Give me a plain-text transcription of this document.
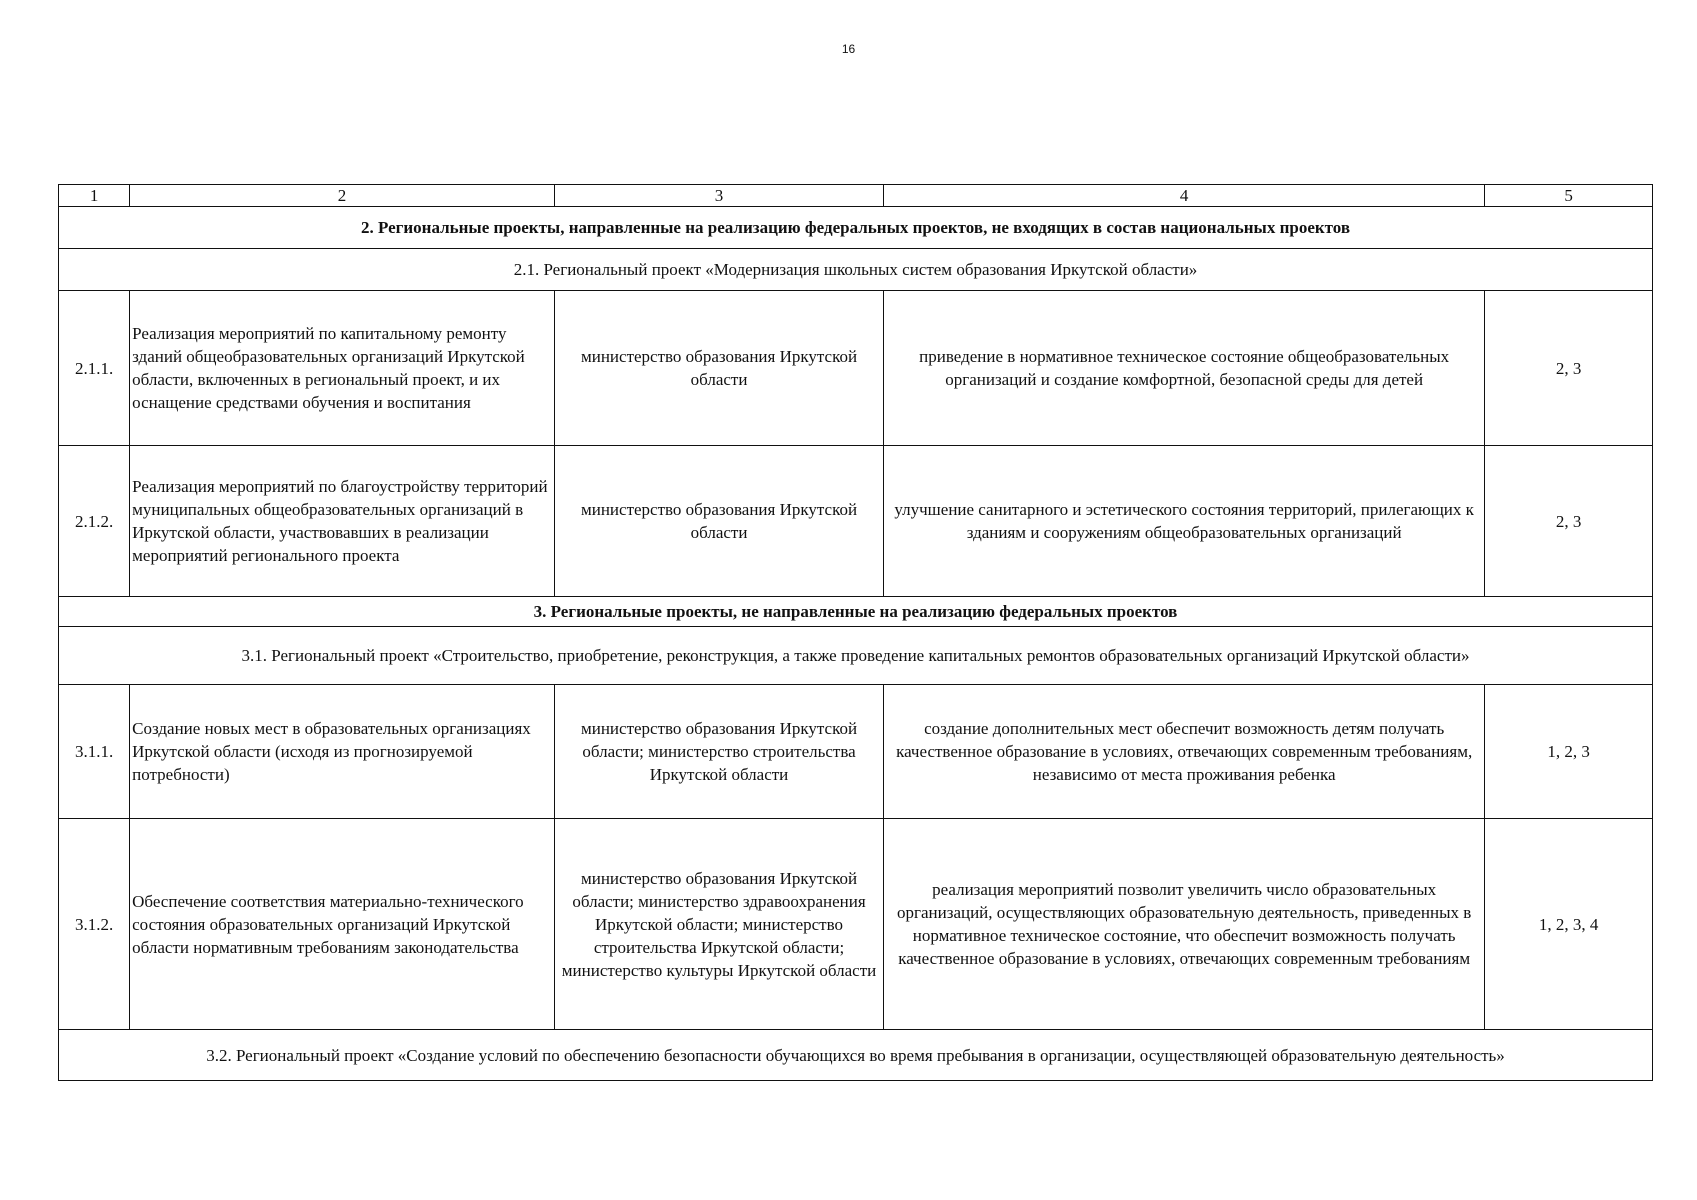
16
1	2	3	4	5
2. Региональные проекты, направленные на реализацию федеральных проектов, не входящих в состав национальных проектов				
2.1. Региональный проект «Модернизация школьных систем образования Иркутской области»				
2.1.1.	Реализация мероприятий по капитальному ремонту зданий общеобразовательных организаций Иркутской области, включенных в региональный проект, и их оснащение средствами обучения и воспитания	министерство образования Иркутской области	приведение в нормативное техническое состояние общеобразовательных организаций и создание комфортной, безопасной среды для детей	2, 3
2.1.2.	Реализация мероприятий по благоустройству территорий муниципальных общеобразовательных организаций в Иркутской области, участвовавших в реализации мероприятий регионального проекта	министерство образования Иркутской области	улучшение санитарного и эстетического состояния территорий, прилегающих к зданиям и сооружениям общеобразовательных организаций	2, 3
3. Региональные проекты, не направленные на реализацию федеральных проектов				
3.1. Региональный проект «Строительство, приобретение, реконструкция, а также проведение капитальных ремонтов образовательных организаций Иркутской области»				
3.1.1.	Создание новых мест в образовательных организациях Иркутской области (исходя из прогнозируемой потребности)	министерство образования Иркутской области; министерство строительства Иркутской области	создание дополнительных мест обеспечит возможность детям получать качественное образование в условиях, отвечающих современным требованиям, независимо от места проживания ребенка	1, 2, 3
3.1.2.	Обеспечение соответствия материально-технического состояния образовательных организаций Иркутской области нормативным требованиям законодательства	министерство образования Иркутской области; министерство здравоохранения Иркутской области; министерство строительства Иркутской области; министерство культуры Иркутской области	реализация мероприятий позволит увеличить число образовательных организаций, осуществляющих образовательную деятельность, приведенных в нормативное техническое состояние, что обеспечит возможность получать качественное образование в условиях, отвечающих современным требованиям	1, 2, 3, 4
3.2. Региональный проект «Создание условий по обеспечению безопасности обучающихся во время пребывания в организации, осуществляющей образовательную деятельность»				
